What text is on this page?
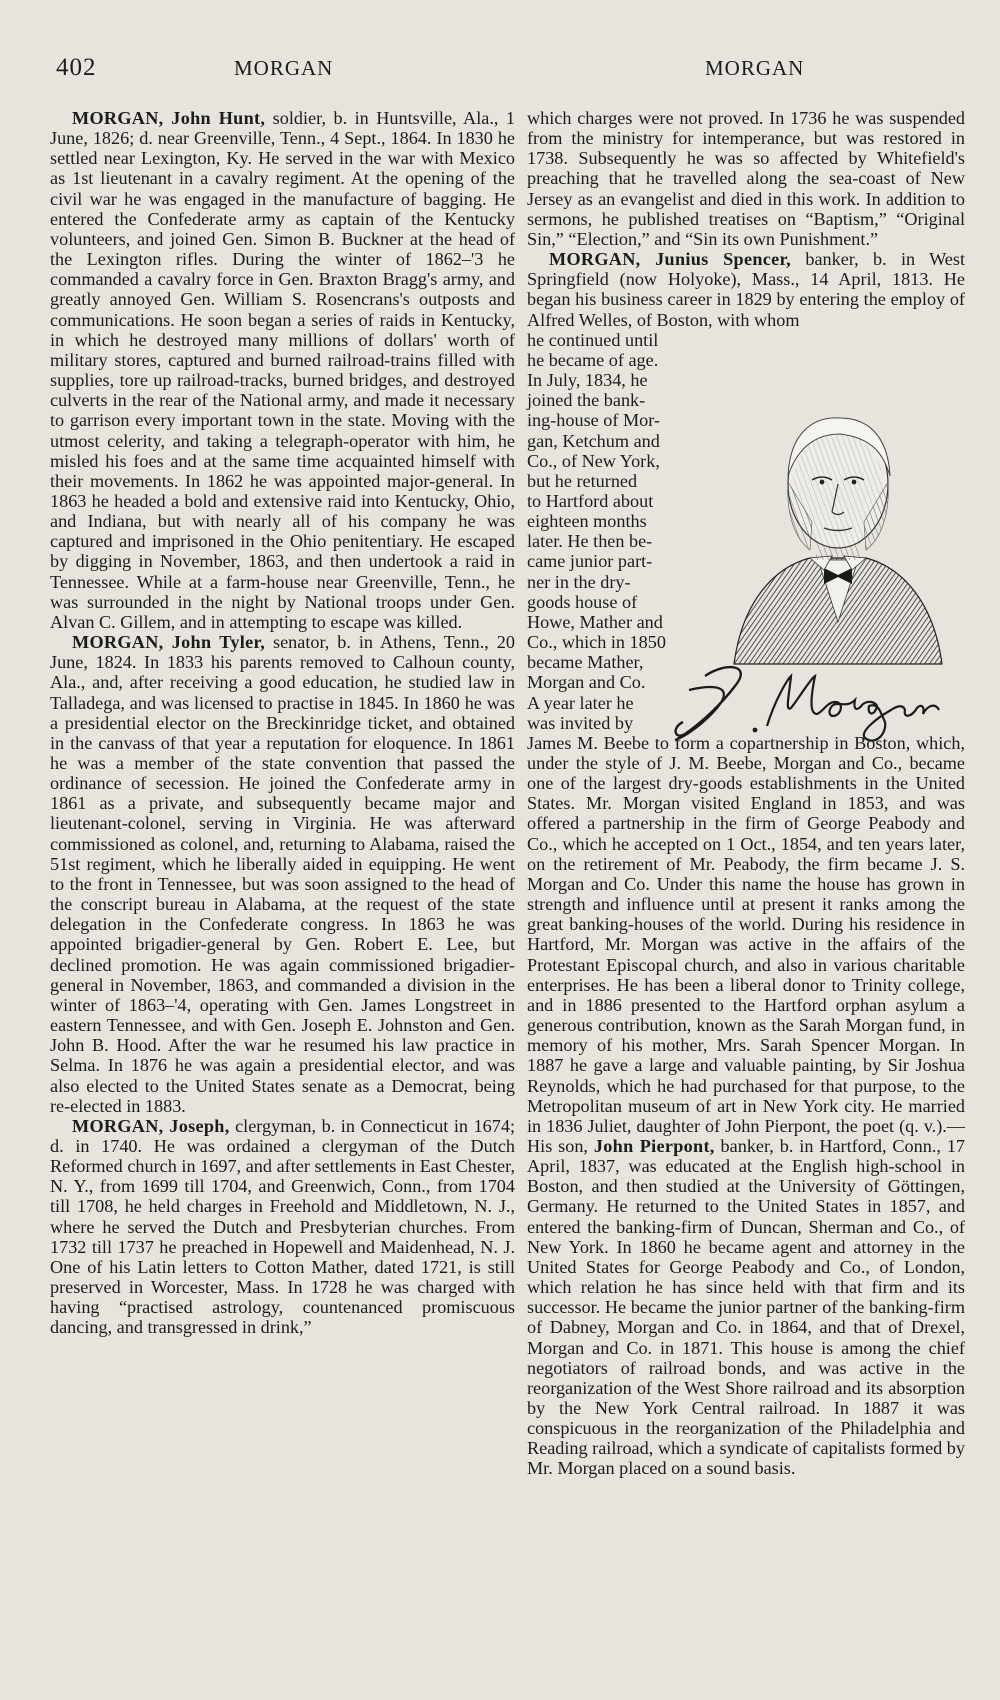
402	MORGAN	MORGAN

MORGAN, John Hunt, soldier, b. in Huntsville, Ala., 1 June, 1826; d. near Greenville, Tenn., 4 Sept., 1864. In 1830 he settled near Lexington, Ky. He served in the war with Mexico as 1st lieutenant in a cavalry regiment. At the opening of the civil war he was engaged in the manufacture of bagging. He entered the Confederate army as captain of the Kentucky volunteers, and joined Gen. Simon B. Buckner at the head of the Lexington rifles. During the winter of 1862–'3 he commanded a cavalry force in Gen. Braxton Bragg's army, and greatly annoyed Gen. William S. Rosencrans's outposts and communications. He soon began a series of raids in Kentucky, in which he destroyed many millions of dollars' worth of military stores, captured and burned railroad-trains filled with supplies, tore up railroad-tracks, burned bridges, and destroyed culverts in the rear of the National army, and made it necessary to garrison every important town in the state. Moving with the utmost celerity, and taking a telegraph-operator with him, he misled his foes and at the same time acquainted himself with their movements. In 1862 he was appointed major-general. In 1863 he headed a bold and extensive raid into Kentucky, Ohio, and Indiana, but with nearly all of his company he was captured and imprisoned in the Ohio penitentiary. He escaped by digging in November, 1863, and then undertook a raid in Tennessee. While at a farm-house near Greenville, Tenn., he was surrounded in the night by National troops under Gen. Alvan C. Gillem, and in attempting to escape was killed.

MORGAN, John Tyler, senator, b. in Athens, Tenn., 20 June, 1824. In 1833 his parents removed to Calhoun county, Ala., and, after receiving a good education, he studied law in Talladega, and was licensed to practise in 1845. In 1860 he was a presidential elector on the Breckinridge ticket, and obtained in the canvass of that year a reputation for eloquence. In 1861 he was a member of the state convention that passed the ordinance of secession. He joined the Confederate army in 1861 as a private, and subsequently became major and lieutenant-colonel, serving in Virginia. He was afterward commissioned as colonel, and, returning to Alabama, raised the 51st regiment, which he liberally aided in equipping. He went to the front in Tennessee, but was soon assigned to the head of the conscript bureau in Alabama, at the request of the state delegation in the Confederate congress. In 1863 he was appointed brigadier-general by Gen. Robert E. Lee, but declined promotion. He was again commissioned brigadier-general in November, 1863, and commanded a division in the winter of 1863–'4, operating with Gen. James Longstreet in eastern Tennessee, and with Gen. Joseph E. Johnston and Gen. John B. Hood. After the war he resumed his law practice in Selma. In 1876 he was again a presidential elector, and was also elected to the United States senate as a Democrat, being re-elected in 1883.

MORGAN, Joseph, clergyman, b. in Connecticut in 1674; d. in 1740. He was ordained a clergyman of the Dutch Reformed church in 1697, and after settlements in East Chester, N. Y., from 1699 till 1704, and Greenwich, Conn., from 1704 till 1708, he held charges in Freehold and Middletown, N. J., where he served the Dutch and Presbyterian churches. From 1732 till 1737 he preached in Hopewell and Maidenhead, N. J. One of his Latin letters to Cotton Mather, dated 1721, is still preserved in Worcester, Mass. In 1728 he was charged with having “practised astrology, countenanced promiscuous dancing, and transgressed in drink,”

which charges were not proved. In 1736 he was suspended from the ministry for intemperance, but was restored in 1738. Subsequently he was so affected by Whitefield's preaching that he travelled along the sea-coast of New Jersey as an evangelist and died in this work. In addition to sermons, he published treatises on “Baptism,” “Original Sin,” “Election,” and “Sin its own Punishment.”

MORGAN, Junius Spencer, banker, b. in West Springfield (now Holyoke), Mass., 14 April, 1813. He began his business career in 1829 by entering the employ of Alfred Welles, of Boston, with whom

he continued until
he became of age.
In July, 1834, he
joined the bank-
ing-house of Mor-
gan, Ketchum and
Co., of New York,
but he returned
to Hartford about
eighteen months
later. He then be-
came junior part-
ner in the dry-
goods house of
Howe, Mather and
Co., which in 1850
became Mather,
Morgan and Co.
A year later he
was invited by

James M. Beebe to form a copartnership in Boston, which, under the style of J. M. Beebe, Morgan and Co., became one of the largest dry-goods establishments in the United States. Mr. Morgan visited England in 1853, and was offered a partnership in the firm of George Peabody and Co., which he accepted on 1 Oct., 1854, and ten years later, on the retirement of Mr. Peabody, the firm became J. S. Morgan and Co. Under this name the house has grown in strength and influence until at present it ranks among the great banking-houses of the world. During his residence in Hartford, Mr. Morgan was active in the affairs of the Protestant Episcopal church, and also in various charitable enterprises. He has been a liberal donor to Trinity college, and in 1886 presented to the Hartford orphan asylum a generous contribution, known as the Sarah Morgan fund, in memory of his mother, Mrs. Sarah Spencer Morgan. In 1887 he gave a large and valuable painting, by Sir Joshua Reynolds, which he had purchased for that purpose, to the Metropolitan museum of art in New York city. He married in 1836 Juliet, daughter of John Pierpont, the poet (q. v.).—His son, John Pierpont, banker, b. in Hartford, Conn., 17 April, 1837, was educated at the English high-school in Boston, and then studied at the University of Göttingen, Germany. He returned to the United States in 1857, and entered the banking-firm of Duncan, Sherman and Co., of New York. In 1860 he became agent and attorney in the United States for George Peabody and Co., of London, which relation he has since held with that firm and its successor. He became the junior partner of the banking-firm of Dabney, Morgan and Co. in 1864, and that of Drexel, Morgan and Co. in 1871. This house is among the chief negotiators of railroad bonds, and was active in the reorganization of the West Shore railroad and its absorption by the New York Central railroad. In 1887 it was conspicuous in the reorganization of the Philadelphia and Reading railroad, which a syndicate of capitalists formed by Mr. Morgan placed on a sound basis.
